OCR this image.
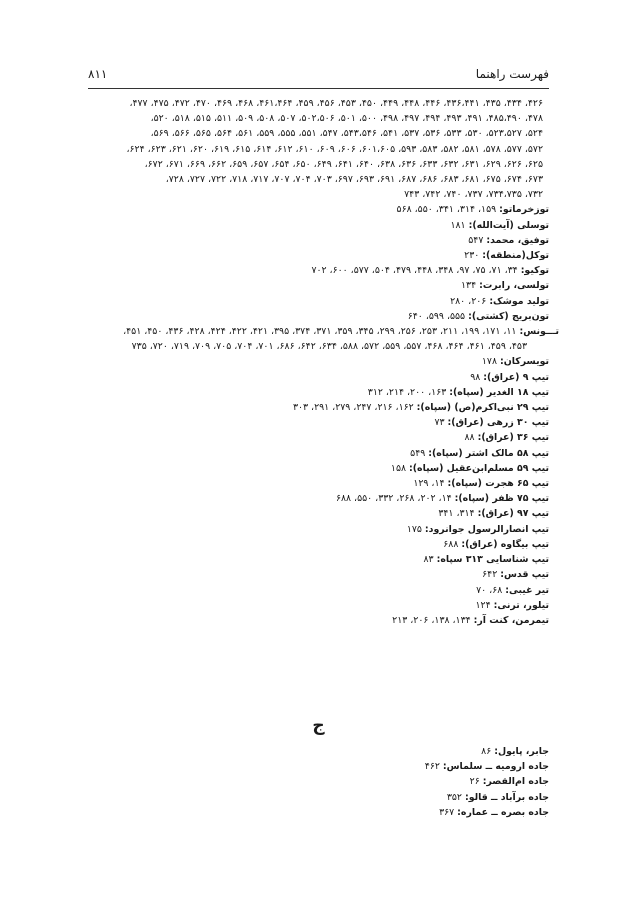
فهرست راهنما
۸۱۱
۴۲۶، ۴۳۴، ۴۳۵، ۴۳۶،۴۴۱، ۴۴۶، ۴۴۸، ۴۴۹، ۴۵۰، ۴۵۳، ۴۵۶، ۴۵۹، ۴۶۱،۴۶۴، ۴۶۸، ۴۶۹، ۴۷۰، ۴۷۲، ۴۷۵، ۴۷۷،
۴۷۸، ۴۸۵،۴۹۰، ۴۹۱، ۴۹۳، ۴۹۴، ۴۹۷، ۴۹۸، ۵۰۰، ۵۰۱، ۵۰۲،۵۰۶، ۵۰۷، ۵۰۸، ۵۰۹، ۵۱۱، ۵۱۵، ۵۱۸، ۵۲۰،
۵۲۴، ۵۲۳،۵۲۷، ۵۳۰، ۵۳۳، ۵۳۶، ۵۳۷، ۵۴۱، ۵۴۳،۵۴۶، ۵۴۷، ۵۵۱، ۵۵۵، ۵۵۹، ۵۶۱، ۵۶۴، ۵۶۵، ۵۶۶، ۵۶۹،
۵۷۲، ۵۷۷، ۵۷۸، ۵۸۱، ۵۸۲، ۵۸۳، ۵۹۳، ۶۰۱،۶۰۵، ۶۰۶، ۶۰۹، ۶۱۰، ۶۱۲، ۶۱۴، ۶۱۵، ۶۱۹، ۶۲۰، ۶۲۱، ۶۲۳، ۶۲۴،
۶۲۵، ۶۲۶، ۶۲۹، ۶۳۱، ۶۳۲، ۶۳۳، ۶۳۶، ۶۳۸، ۶۴۰، ۶۴۱، ۶۴۹، ۶۵۰، ۶۵۴، ۶۵۷، ۶۵۹، ۶۶۲، ۶۶۹، ۶۷۱، ۶۷۲،
۶۷۳، ۶۷۴، ۶۷۵، ۶۸۱، ۶۸۳، ۶۸۶، ۶۸۷، ۶۹۱، ۶۹۳، ۶۹۷، ۷۰۳، ۷۰۴، ۷۰۷، ۷۱۷، ۷۱۸، ۷۲۲، ۷۲۷، ۷۲۸،
۷۳۲، ۷۳۴،۷۳۵، ۷۳۷، ۷۴۰، ۷۴۲، ۷۴۳
توزخرماتو: ۱۵۹، ۳۱۴، ۳۴۱، ۵۵۰، ۵۶۸
توسلی (آیت‌الله): ۱۸۱
توفیق، محمد: ۵۴۷
توکل(منطقه): ۲۳۰
توکیو: ۳۴، ۷۱، ۷۵، ۹۷، ۳۴۸، ۴۴۸، ۴۷۹، ۵۰۴، ۵۷۷، ۶۰۰، ۷۰۲
تولسی، رابرت: ۱۳۴
تولید موشک: ۲۰۶، ۲۸۰
تون‌بریج (کشتی): ۵۵۵، ۵۹۹، ۶۴۰
تـــونس: ۱۱، ۱۷۱، ۱۹۹، ۲۱۱، ۲۵۳، ۲۵۶، ۲۹۹، ۳۴۵، ۳۵۹، ۳۷۱، ۳۷۴، ۳۹۵، ۴۲۱، ۴۲۲، ۴۲۴، ۴۲۸، ۴۳۶، ۴۵۰، ۴۵۱،
۴۵۳، ۴۵۹، ۴۶۱، ۴۶۴، ۴۶۸، ۵۵۷، ۵۵۹، ۵۷۲، ۵۸۸، ۶۳۴، ۶۴۲، ۶۸۶، ۷۰۱، ۷۰۴، ۷۰۵، ۷۰۹، ۷۱۹، ۷۲۰، ۷۳۵
تویسرکان: ۱۷۸
تیپ ۹ (عراق): ۹۸
تیپ ۱۸ الغدیر (سپاه): ۱۶۳، ۲۰۰، ۲۱۴، ۳۱۲
تیپ ۲۹ نبی‌اکرم(ص) (سپاه): ۱۶۲، ۲۱۶، ۲۴۷، ۲۷۹، ۲۹۱، ۳۰۳
تیپ ۳۰ زرهی (عراق): ۷۳
تیپ ۳۶ (عراق): ۸۸
تیپ ۵۸ مالک اشتر (سپاه): ۵۴۹
تیپ ۵۹ مسلم‌ابن‌عقیل (سپاه): ۱۵۸
تیپ ۶۵ هجرت (سپاه): ۱۴، ۱۲۹
تیپ ۷۵ ظفر (سپاه): ۱۴، ۲۰۲، ۲۶۸، ۳۳۲، ۵۵۰، ۶۸۸
تیپ ۹۷ (عراق): ۳۱۴، ۳۴۱
تیپ انصارالرسول جوانرود: ۱۷۵
تیپ بیگاوه (عراق): ۶۸۸
تیپ شناسایی ۳۱۳ سپاه: ۸۳
تیپ قدس: ۶۴۲
تیر غیبی: ۶۸، ۷۰
تیلور، ترنی: ۱۲۴
تیمرمن، کنت آر: ۱۳۴، ۱۳۸، ۲۰۶، ۲۱۳
ج
جابر، پایول: ۸۶
جاده ارومیه ــ سلماس: ۴۶۲
جاده ام‌القصر: ۲۶
جاده برآباد ــ قالو: ۳۵۲
جاده بصره ــ عماره: ۳۶۷
